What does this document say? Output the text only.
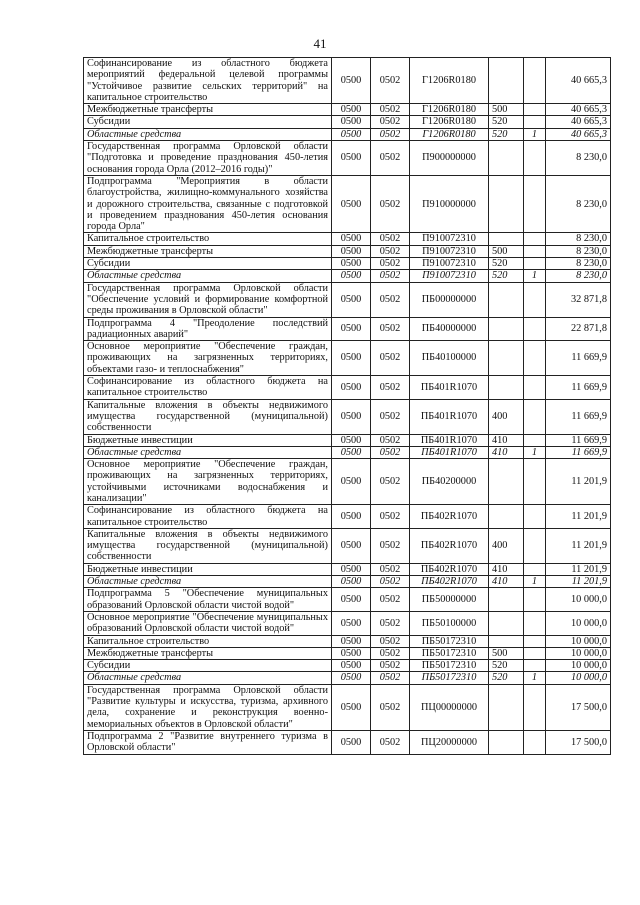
41
Софинансирование из областного бюджета мероприятий федеральной целевой программы "Устойчивое развитие сельских территорий" на капитальное строительство	0500	0502	Г1206R0180			40 665,3
Межбюджетные трансферты	0500	0502	Г1206R0180	500		40 665,3
Субсидии	0500	0502	Г1206R0180	520		40 665,3
Областные средства	0500	0502	Г1206R0180	520	1	40 665,3
Государственная программа Орловской области "Подготовка и проведение празднования 450-летия основания города Орла (2012–2016 годы)"	0500	0502	П900000000			8 230,0
Подпрограмма "Мероприятия в области благоустройства, жилищно-коммунального хозяйства и дорожного строительства, связанные с подготовкой и проведением празднования 450-летия основания города Орла"	0500	0502	П910000000			8 230,0
Капитальное строительство	0500	0502	П910072310			8 230,0
Межбюджетные трансферты	0500	0502	П910072310	500		8 230,0
Субсидии	0500	0502	П910072310	520		8 230,0
Областные средства	0500	0502	П910072310	520	1	8 230,0
Государственная программа Орловской области "Обеспечение условий и формирование комфортной среды проживания в Орловской области"	0500	0502	ПБ00000000			32 871,8
Подпрограмма 4 "Преодоление последствий радиационных аварий"	0500	0502	ПБ40000000			22 871,8
Основное мероприятие "Обеспечение граждан, проживающих на загрязненных территориях, объектами газо- и теплоснабжения"	0500	0502	ПБ40100000			11 669,9
Софинансирование из областного бюджета на капитальное строительство	0500	0502	ПБ401R1070			11 669,9
Капитальные вложения в объекты недвижимого имущества государственной (муниципальной) собственности	0500	0502	ПБ401R1070	400		11 669,9
Бюджетные инвестиции	0500	0502	ПБ401R1070	410		11 669,9
Областные средства	0500	0502	ПБ401R1070	410	1	11 669,9
Основное мероприятие "Обеспечение граждан, проживающих на загрязненных территориях, устойчивыми источниками водоснабжения и канализации"	0500	0502	ПБ40200000			11 201,9
Софинансирование из областного бюджета на капитальное строительство	0500	0502	ПБ402R1070			11 201,9
Капитальные вложения в объекты недвижимого имущества государственной (муниципальной) собственности	0500	0502	ПБ402R1070	400		11 201,9
Бюджетные инвестиции	0500	0502	ПБ402R1070	410		11 201,9
Областные средства	0500	0502	ПБ402R1070	410	1	11 201,9
Подпрограмма 5 "Обеспечение муниципальных образований Орловской области чистой водой"	0500	0502	ПБ50000000			10 000,0
Основное мероприятие "Обеспечение муниципальных образований Орловской области чистой водой"	0500	0502	ПБ50100000			10 000,0
Капитальное строительство	0500	0502	ПБ50172310			10 000,0
Межбюджетные трансферты	0500	0502	ПБ50172310	500		10 000,0
Субсидии	0500	0502	ПБ50172310	520		10 000,0
Областные средства	0500	0502	ПБ50172310	520	1	10 000,0
Государственная программа Орловской области "Развитие культуры и искусства, туризма, архивного дела, сохранение и реконструкция военно-мемориальных объектов в Орловской области"	0500	0502	ПЦ00000000			17 500,0
Подпрограмма 2 "Развитие внутреннего туризма в Орловской области"	0500	0502	ПЦ20000000			17 500,0
